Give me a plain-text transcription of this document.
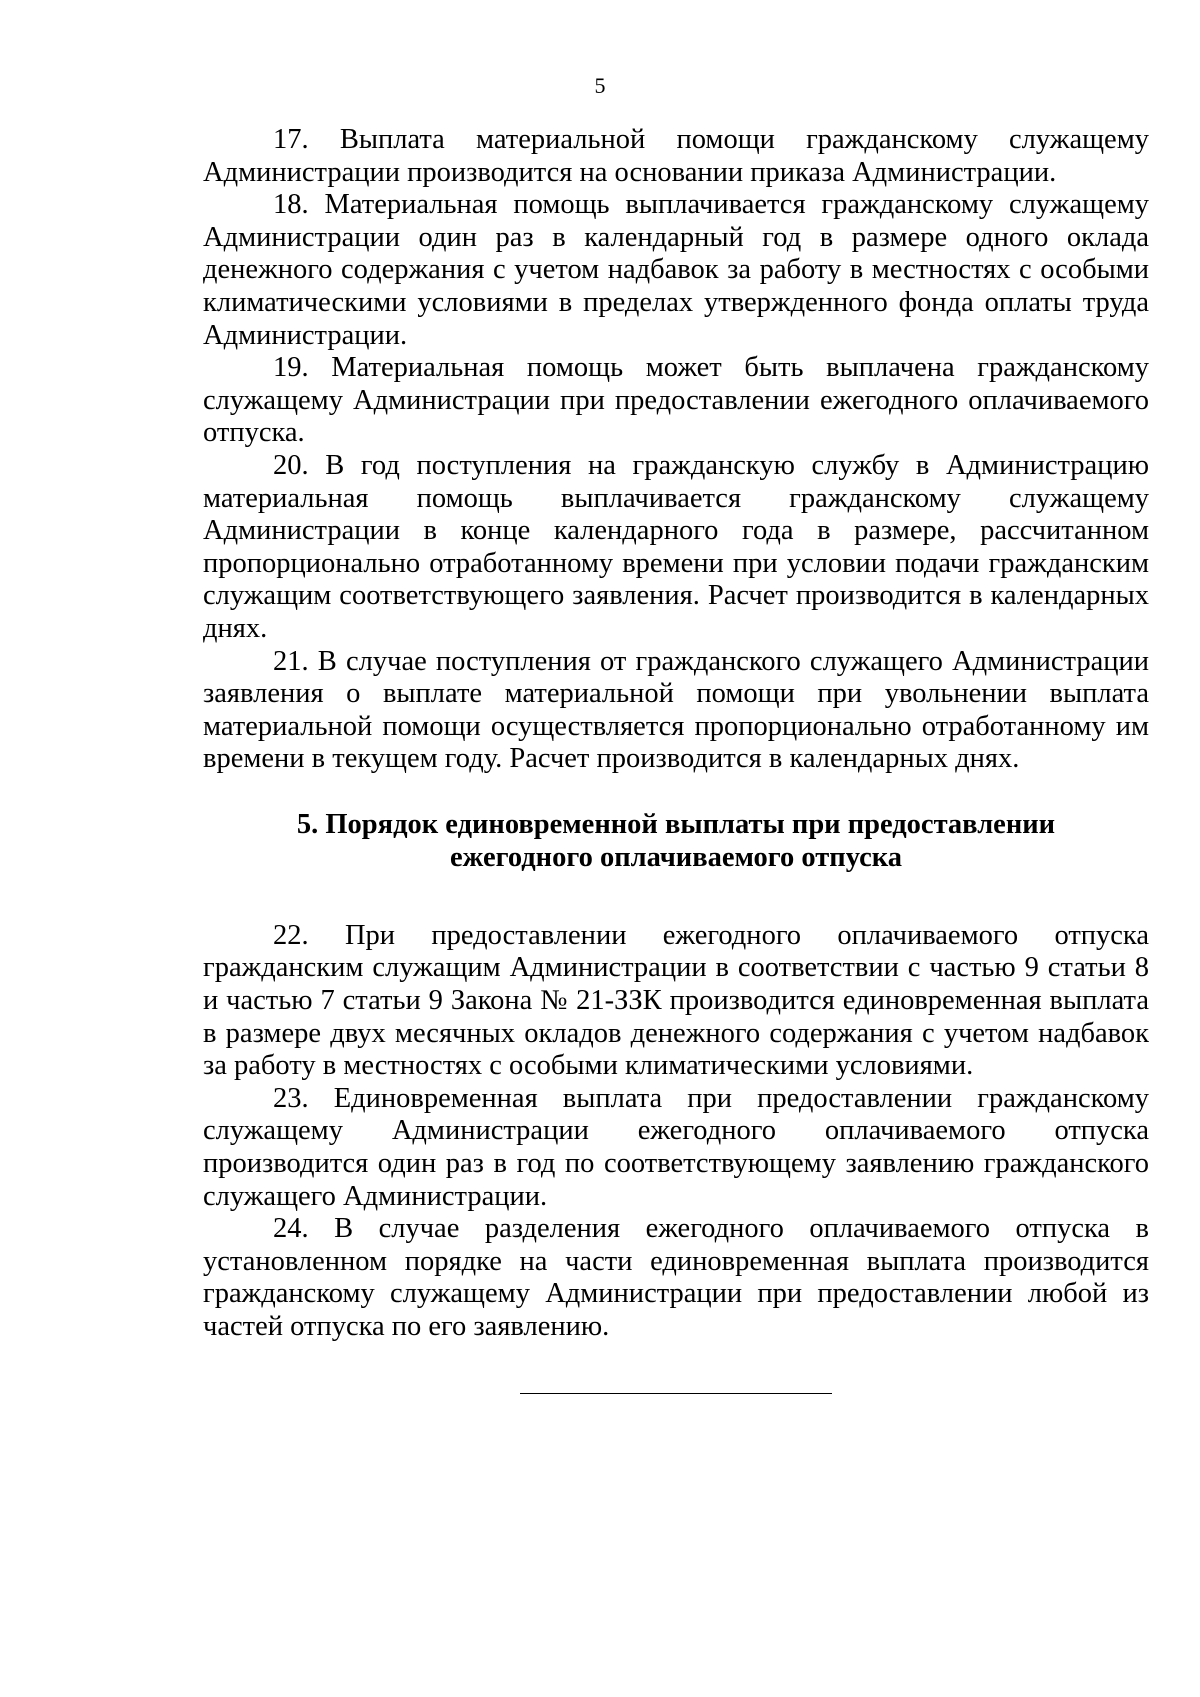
5

17. Выплата материальной помощи гражданскому служащему Администрации производится на основании приказа Администрации.

18. Материальная помощь выплачивается гражданскому служащему Администрации один раз в календарный год в размере одного оклада денежного содержания с учетом надбавок за работу в местностях с особыми климатическими условиями в пределах утвержденного фонда оплаты труда Администрации.

19. Материальная помощь может быть выплачена гражданскому служащему Администрации при предоставлении ежегодного оплачиваемого отпуска.

20. В год поступления на гражданскую службу в Администрацию материальная помощь выплачивается гражданскому служащему Администрации в конце календарного года в размере, рассчитанном пропорционально отработанному времени при условии подачи гражданским служащим соответствующего заявления. Расчет производится в календарных днях.

21. В случае поступления от гражданского служащего Администрации заявления о выплате материальной помощи при увольнении выплата материальной помощи осуществляется пропорционально отработанному им времени в текущем году. Расчет производится в календарных днях.

5. Порядок единовременной выплаты при предоставлении

ежегодного оплачиваемого отпуска

22. При предоставлении ежегодного оплачиваемого отпуска гражданским служащим Администрации в соответствии с частью 9 статьи 8 и частью 7 статьи 9 Закона № 21-ЗЗК производится единовременная выплата в размере двух месячных окладов денежного содержания с учетом надбавок за работу в местностях с особыми климатическими условиями.

23. Единовременная выплата при предоставлении гражданскому служащему Администрации ежегодного оплачиваемого отпуска производится один раз в год по соответствующему заявлению гражданского служащего Администрации.

24. В случае разделения ежегодного оплачиваемого отпуска в установленном порядке на части единовременная выплата производится гражданскому служащему Администрации при предоставлении любой из частей отпуска по его заявлению.
